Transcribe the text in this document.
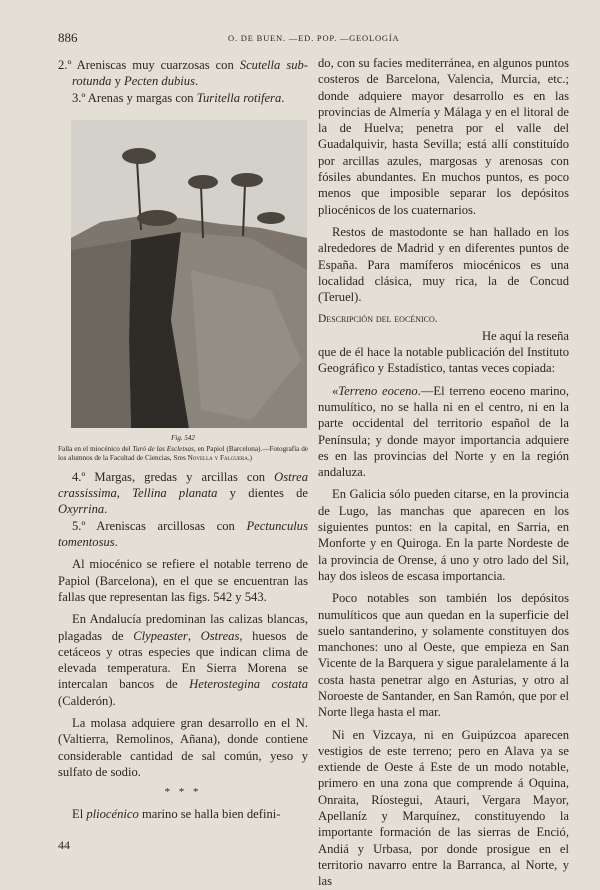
886	O. DE BUEN. —ED. POP. —GEOLOGÍA

2.º Areniscas muy cuarzosas con Scutella sub-rotunda y Pecten dubius.

3.º Arenas y margas con Turitella rotifera.

Fig. 542
Falla en el miocénico del Turó de las Escletxas, en Papiol (Barcelona).—Fotografía de los alumnos de la Facultad de Ciencias, Sres Novella y Falguera.)

4.º Margas, gredas y arcillas con Ostrea crassissima, Tellina planata y dientes de Oxyrrina.

5.º Areniscas arcillosas con Pectunculus tomentosus.

Al miocénico se refiere el notable terreno de Papiol (Barcelona), en el que se encuentran las fallas que representan las figs. 542 y 543.

En Andalucía predominan las calizas blancas, plagadas de Clypeaster, Ostreas, huesos de cetáceos y otras especies que indican clima de elevada temperatura. En Sierra Morena se intercalan bancos de Heterostegina costata (Calderón).

La molasa adquiere gran desarrollo en el N. (Valtierra, Remolinos, Añana), donde contiene considerable cantidad de sal común, yeso y sulfato de sodio.

* * *

El pliocénico marino se halla bien defini-

44

do, con su facies mediterránea, en algunos puntos costeros de Barcelona, Valencia, Murcia, etc.; donde adquiere mayor desarrollo es en las provincias de Almería y Málaga y en el litoral de la de Huelva; penetra por el valle del Guadalquivir, hasta Sevilla; está allí constituído por arcillas azules, margosas y arenosas con fósiles abundantes. En muchos puntos, es poco menos que imposible separar los depósitos pliocénicos de los cuaternarios.

Restos de mastodonte se han hallado en los alrededores de Madrid y en diferentes puntos de España. Para mamíferos miocénicos es una localidad clásica, muy rica, la de Concud (Teruel).

Descripción del eocénico.

He aquí la reseña

que de él hace la notable publicación del Instituto Geográfico y Estadístico, tantas veces copiada:

«Terreno eoceno.—El terreno eoceno marino, numulítico, no se halla ni en el centro, ni en la parte occidental del territorio español de la Península; y donde mayor importancia adquiere es en las provincias del Norte y en la región andaluza.

En Galicia sólo pueden citarse, en la provincia de Lugo, las manchas que aparecen en los siguientes puntos: en la capital, en Sarria, en Monforte y en Quiroga. En la parte Nordeste de la provincia de Orense, á uno y otro lado del Sil, hay dos isleos de escasa importancia.

Poco notables son también los depósitos numulíticos que aun quedan en la superficie del suelo santanderino, y solamente constituyen dos manchones: uno al Oeste, que empieza en San Vicente de la Barquera y sigue paralelamente á la costa hasta penetrar algo en Asturias, y otro al Noroeste de Santander, en San Ramón, que por el Norte llega hasta el mar.

Ni en Vizcaya, ni en Guipúzcoa aparecen vestigios de este terreno; pero en Alava ya se extiende de Oeste á Este de un modo notable, primero en una zona que comprende á Oquina, Onraita, Ríostegui, Atauri, Vergara Mayor, Apellaníz y Marquínez, constituyendo la importante formación de las sierras de Enció, Andiá y Urbasa, por donde prosigue en el territorio navarro entre la Barranca, al Norte, y las
